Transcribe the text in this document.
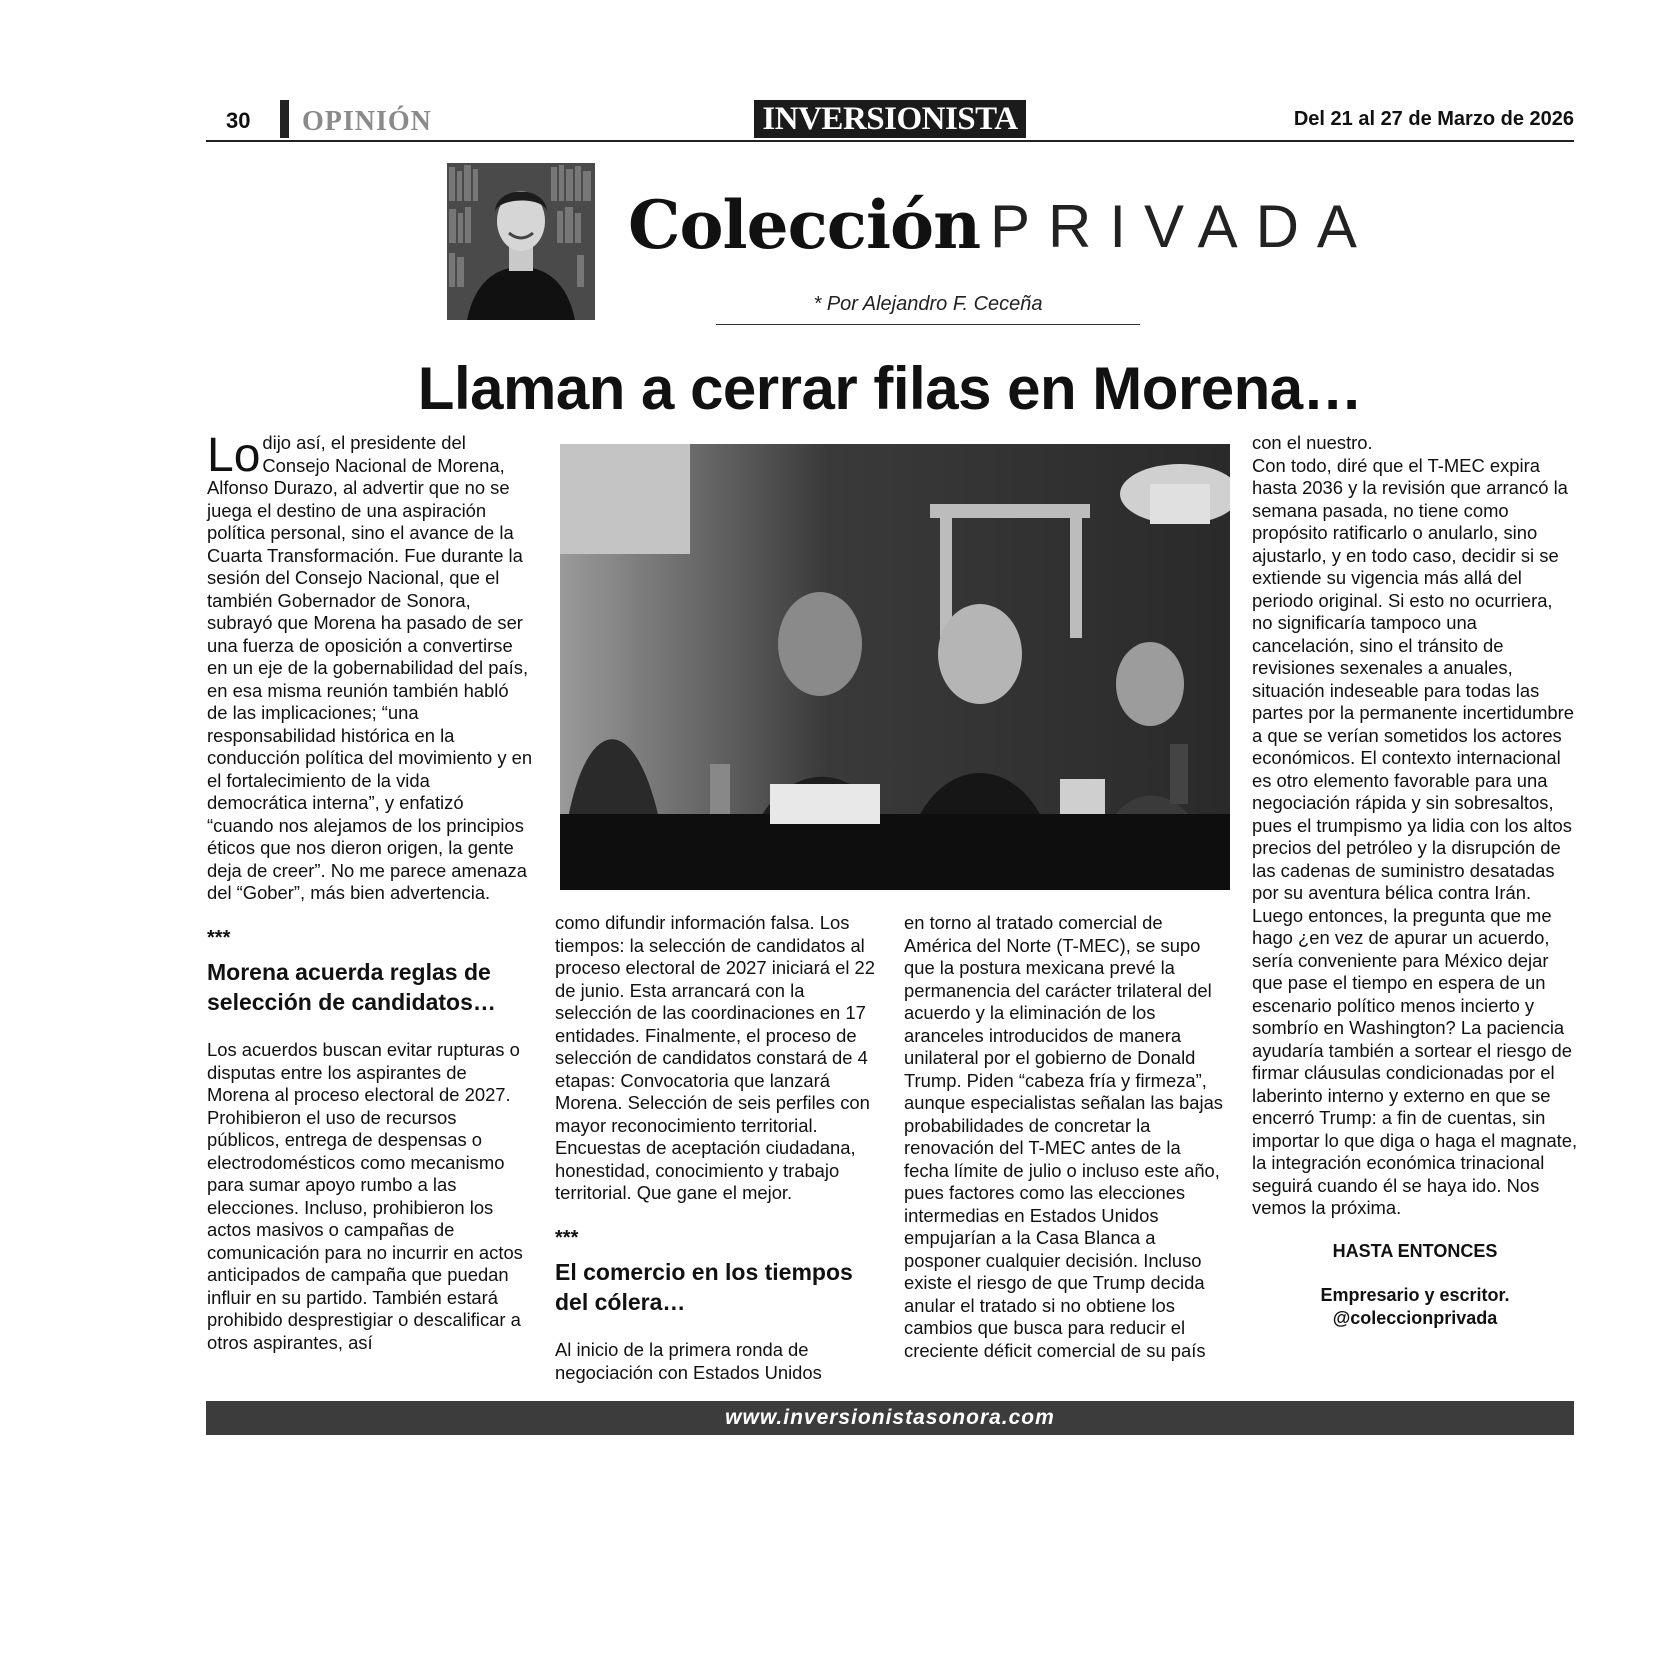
30 OPINIÓN	INVERSIONISTA	Del 21 al 27 de Marzo de 2026
Colección PRIVADA
* Por Alejandro F. Ceceña
Llaman a cerrar filas en Morena…

Lo dijo así, el presidente del Consejo Nacional de Morena, Alfonso Durazo, al advertir que no se juega el destino de una aspiración política personal, sino el avance de la Cuarta Transformación. Fue durante la sesión del Consejo Nacional, que el también Gobernador de Sonora, subrayó que Morena ha pasado de ser una fuerza de oposición a convertirse en un eje de la gobernabilidad del país, en esa misma reunión también habló de las implicaciones; “una responsabilidad histórica en la conducción política del movimiento y en el fortalecimiento de la vida democrática interna”, y enfatizó “cuando nos alejamos de los principios éticos que nos dieron origen, la gente deja de creer”. No me parece amenaza del “Gober”, más bien advertencia.

***
Morena acuerda reglas de selección de candidatos…

Los acuerdos buscan evitar rupturas o disputas entre los aspirantes de Morena al proceso electoral de 2027. Prohibieron el uso de recursos públicos, entrega de despensas o electrodomésticos como mecanismo para sumar apoyo rumbo a las elecciones. Incluso, prohibieron los actos masivos o campañas de comunicación para no incurrir en actos anticipados de campaña que puedan influir en su partido. También estará prohibido desprestigiar o descalificar a otros aspirantes, así

como difundir información falsa. Los tiempos: la selección de candidatos al proceso electoral de 2027 iniciará el 22 de junio. Esta arrancará con la selección de las coordinaciones en 17 entidades. Finalmente, el proceso de selección de candidatos constará de 4 etapas: Convocatoria que lanzará Morena. Selección de seis perfiles con mayor reconocimiento territorial. Encuestas de aceptación ciudadana, honestidad, conocimiento y trabajo territorial. Que gane el mejor.

***
El comercio en los tiempos del cólera…

Al inicio de la primera ronda de negociación con Estados Unidos

en torno al tratado comercial de América del Norte (T-MEC), se supo que la postura mexicana prevé la permanencia del carácter trilateral del acuerdo y la eliminación de los aranceles introducidos de manera unilateral por el gobierno de Donald Trump. Piden “cabeza fría y firmeza”, aunque especialistas señalan las bajas probabilidades de concretar la renovación del T-MEC antes de la fecha límite de julio o incluso este año, pues factores como las elecciones intermedias en Estados Unidos empujarían a la Casa Blanca a posponer cualquier decisión. Incluso existe el riesgo de que Trump decida anular el tratado si no obtiene los cambios que busca para reducir el creciente déficit comercial de su país

con el nuestro.

Con todo, diré que el T-MEC expira hasta 2036 y la revisión que arrancó la semana pasada, no tiene como propósito ratificarlo o anularlo, sino ajustarlo, y en todo caso, decidir si se extiende su vigencia más allá del periodo original. Si esto no ocurriera, no significaría tampoco una cancelación, sino el tránsito de revisiones sexenales a anuales, situación indeseable para todas las partes por la permanente incertidumbre a que se verían sometidos los actores económicos. El contexto internacional es otro elemento favorable para una negociación rápida y sin sobresaltos, pues el trumpismo ya lidia con los altos precios del petróleo y la disrupción de las cadenas de suministro desatadas por su aventura bélica contra Irán. Luego entonces, la pregunta que me hago ¿en vez de apurar un acuerdo, sería conveniente para México dejar que pase el tiempo en espera de un escenario político menos incierto y sombrío en Washington? La paciencia ayudaría también a sortear el riesgo de firmar cláusulas condicionadas por el laberinto interno y externo en que se encerró Trump: a fin de cuentas, sin importar lo que diga o haga el magnate, la integración económica trinacional seguirá cuando él se haya ido. Nos vemos la próxima.

HASTA ENTONCES
Empresario y escritor.
@coleccionprivada
www.inversionistasonora.com
